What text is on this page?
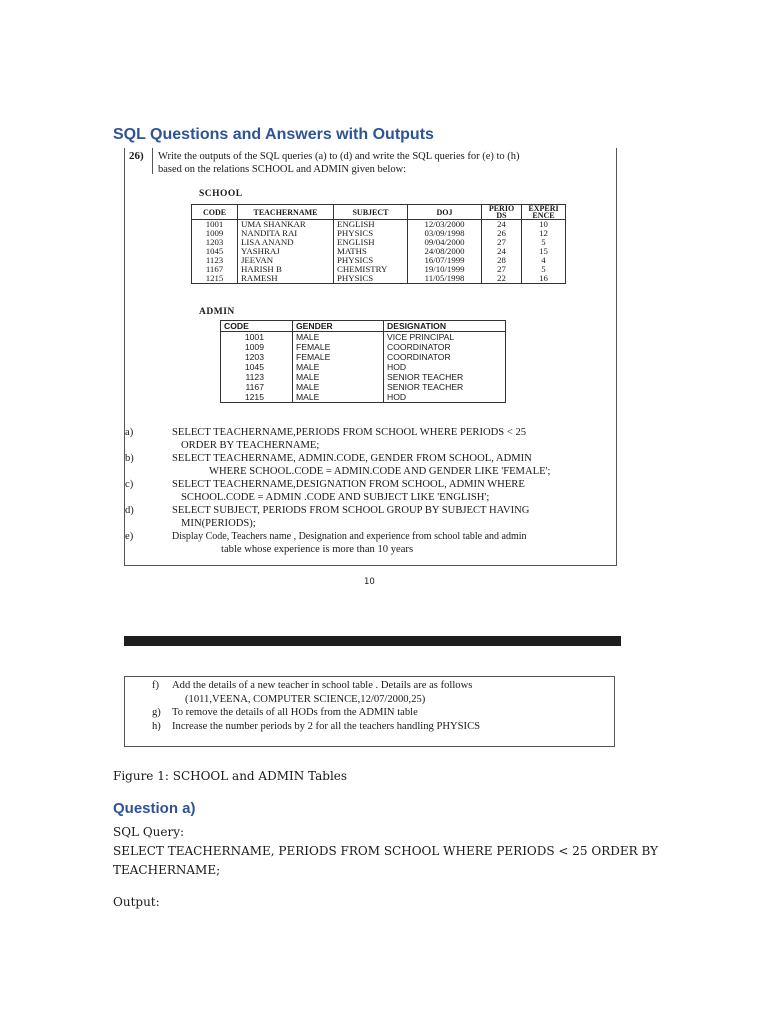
SQL Questions and Answers with Outputs
26) Write the outputs of the SQL queries (a) to (d) and write the SQL queries for (e) to (h)
based on the relations SCHOOL and ADMIN given below:
SCHOOL
CODE	TEACHERNAME	SUBJECT	DOJ	PERIO DS	EXPERI ENCE
1001	UMA SHANKAR	ENGLISH	12/03/2000	24	10
1009	NANDITA RAI	PHYSICS	03/09/1998	26	12
1203	LISA ANAND	ENGLISH	09/04/2000	27	5
1045	YASHRAJ	MATHS	24/08/2000	24	15
1123	JEEVAN	PHYSICS	16/07/1999	28	4
1167	HARISH B	CHEMISTRY	19/10/1999	27	5
1215	RAMESH	PHYSICS	11/05/1998	22	16
ADMIN
CODE	GENDER	DESIGNATION
1001	MALE	VICE PRINCIPAL
1009	FEMALE	COORDINATOR
1203	FEMALE	COORDINATOR
1045	MALE	HOD
1123	MALE	SENIOR TEACHER
1167	MALE	SENIOR TEACHER
1215	MALE	HOD
a)	SELECT TEACHERNAME,PERIODS FROM SCHOOL WHERE PERIODS < 25
ORDER BY TEACHERNAME;
b)	SELECT TEACHERNAME, ADMIN.CODE, GENDER FROM SCHOOL, ADMIN
WHERE SCHOOL.CODE = ADMIN.CODE AND GENDER LIKE 'FEMALE';
c)	SELECT TEACHERNAME,DESIGNATION FROM SCHOOL, ADMIN WHERE
SCHOOL.CODE = ADMIN .CODE AND SUBJECT LIKE 'ENGLISH';
d)	SELECT SUBJECT, PERIODS FROM SCHOOL GROUP BY SUBJECT HAVING
MIN(PERIODS);
e)	Display Code, Teachers name , Designation and experience from school table and admin
table whose experience is more than 10 years
10
f)	Add the details of a new teacher in school table . Details are as follows
(1011,VEENA, COMPUTER SCIENCE,12/07/2000,25)
g)	To remove the details of all HODs from the ADMIN table
h)	Increase the number periods by 2 for all the teachers handling PHYSICS
Figure 1: SCHOOL and ADMIN Tables
Question a)
SQL Query:
SELECT TEACHERNAME, PERIODS FROM SCHOOL WHERE PERIODS < 25 ORDER BY
TEACHERNAME;
Output:
